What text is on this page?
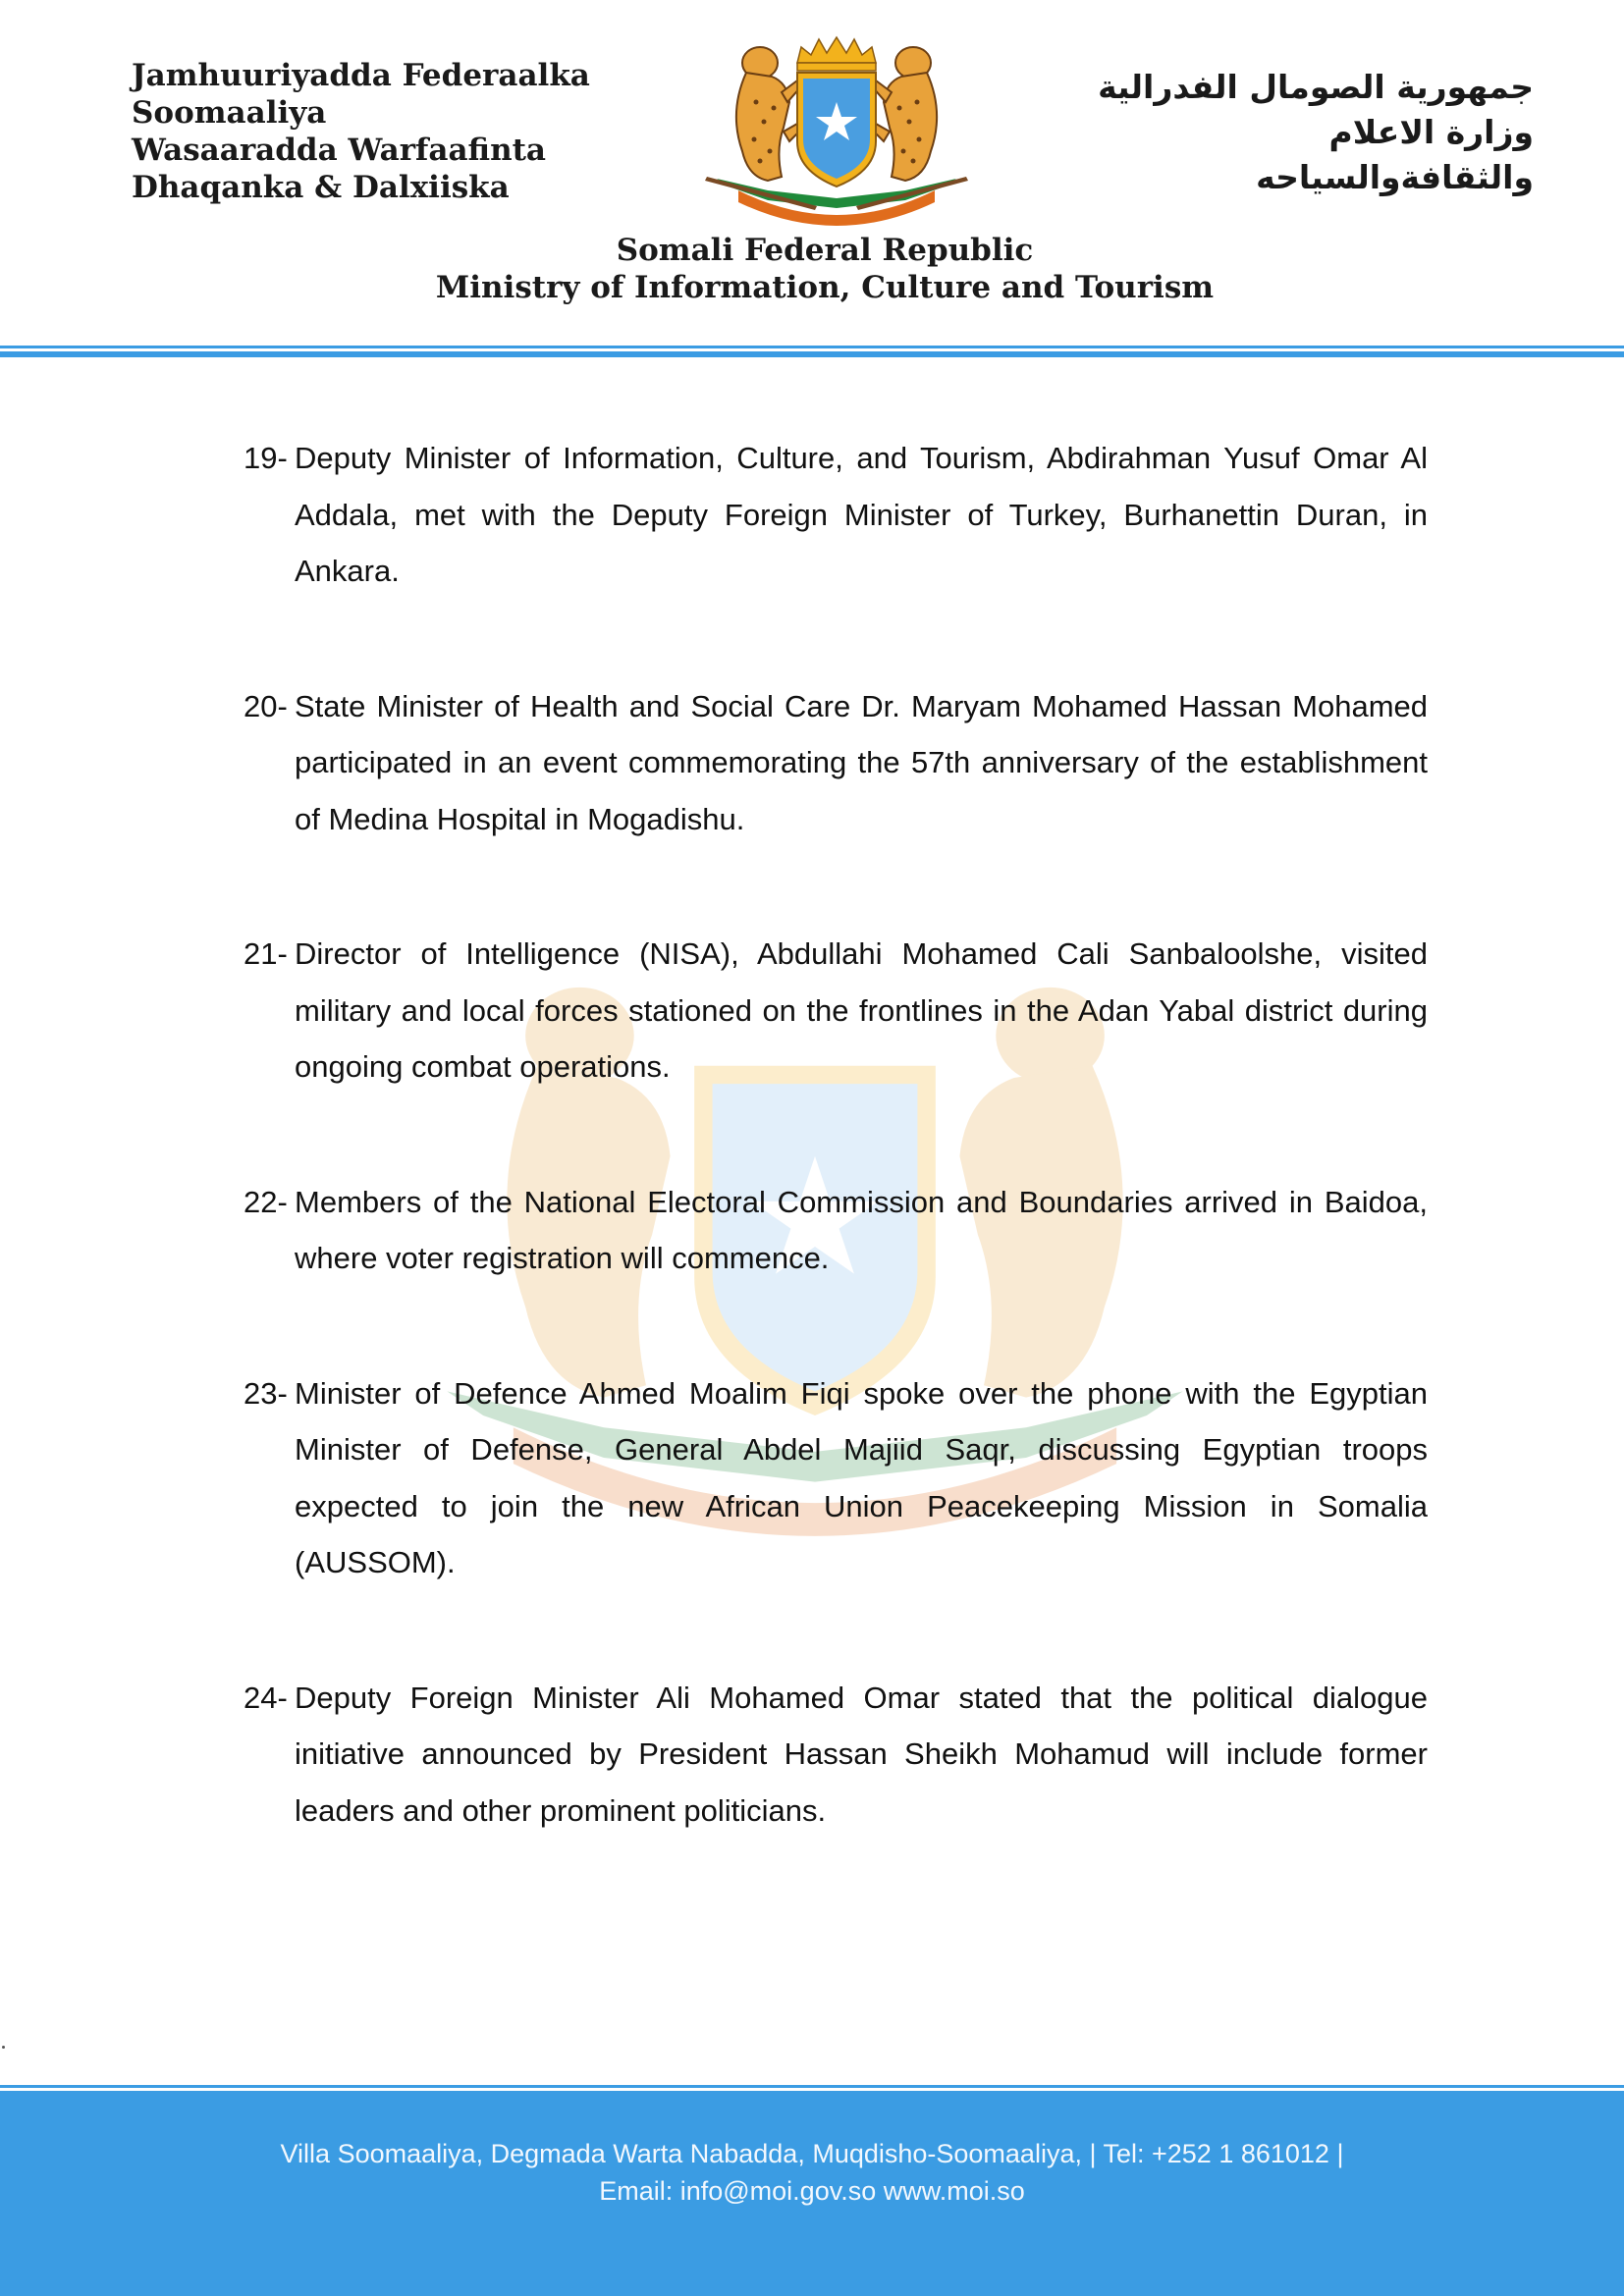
Jamhuuriyadda Federaalka
Soomaaliya
Wasaaradda Warfaafinta
Dhaqanka & Dalxiiska
جمهورية الصومال الفدرالية
وزارة الاعلام
والثقافةوالسياحه
Somali Federal Republic
Ministry of Information, Culture and Tourism
19- Deputy Minister of Information, Culture, and Tourism, Abdirahman Yusuf Omar Al Addala, met with the Deputy Foreign Minister of Turkey, Burhanettin Duran, in Ankara.
20- State Minister of Health and Social Care Dr. Maryam Mohamed Hassan Mohamed participated in an event commemorating the 57th anniversary of the establishment of Medina Hospital in Mogadishu.
21- Director of Intelligence (NISA), Abdullahi Mohamed Cali Sanbaloolshe, visited military and local forces stationed on the frontlines in the Adan Yabal district during ongoing combat operations.
22- Members of the National Electoral Commission and Boundaries arrived in Baidoa, where voter registration will commence.
23- Minister of Defence Ahmed Moalim Fiqi spoke over the phone with the Egyptian Minister of Defense, General Abdel Majiid Saqr, discussing Egyptian troops expected to join the new African Union Peacekeeping Mission in Somalia (AUSSOM).
24- Deputy Foreign Minister Ali Mohamed Omar stated that the political dialogue initiative announced by President Hassan Sheikh Mohamud will include former leaders and other prominent politicians.
Villa Soomaaliya, Degmada Warta Nabadda, Muqdisho-Soomaaliya, | Tel: +252 1 861012 |
Email: info@moi.gov.so www.moi.so
